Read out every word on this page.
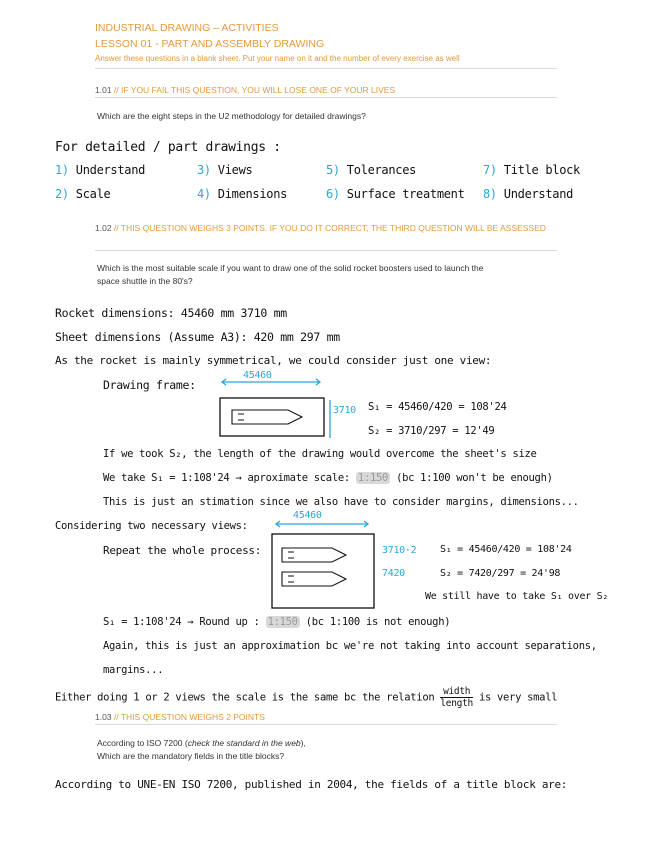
INDUSTRIAL DRAWING – ACTIVITIES
LESSON 01 - PART AND ASSEMBLY DRAWING
Answer these questions in a blank sheet. Put your name on it and the number of every exercise as well
1.01 // IF YOU FAIL THIS QUESTION, YOU WILL LOSE ONE OF YOUR LIVES
Which are the eight steps in the U2 methodology for detailed drawings?
For detailed / part drawings :
1) Understand
2) Scale
3) Views
4) Dimensions
5) Tolerances
6) Surface treatment
7) Title block
8) Understand
1.02 // THIS QUESTION WEIGHS 3 POINTS. IF YOU DO IT CORRECT, THE THIRD QUESTION WILL BE ASSESSED
Which is the most suitable scale if you want to draw one of the solid rocket boosters used to launch the
space shuttle in the 80's?
Rocket dimensions: 45460 mm 3710 mm
Sheet dimensions (Assume A3): 420 mm 297 mm
As the rocket is mainly symmetrical, we could consider just one view:
Drawing frame:
45460
3710 S₁ = 45460/420 = 108'24
S₂ = 3710/297 = 12'49
If we took S₂, the length of the drawing would overcome the sheet's size
We take S₁ = 1:108'24 → aproximate scale: 1:150 (bc 1:100 won't be enough)
This is just an stimation since we also have to consider margins, dimensions...
Considering two necessary views:
Repeat the whole process:
45460
3710·2
7420
S₁ = 45460/420 = 108'24
S₂ = 7420/297 = 24'98
We still have to take S₁ over S₂
S₁ = 1:108'24 → Round up : 1:150 (bc 1:100 is not enough)
Again, this is just an approximation bc we're not taking into account separations,
margins...
Either doing 1 or 2 views the scale is the same bc the relation width
length is very small
1.03 // THIS QUESTION WEIGHS 2 POINTS
According to ISO 7200 (check the standard in the web),
Which are the mandatory fields in the title blocks?
According to UNE-EN ISO 7200, published in 2004, the fields of a title block are:
